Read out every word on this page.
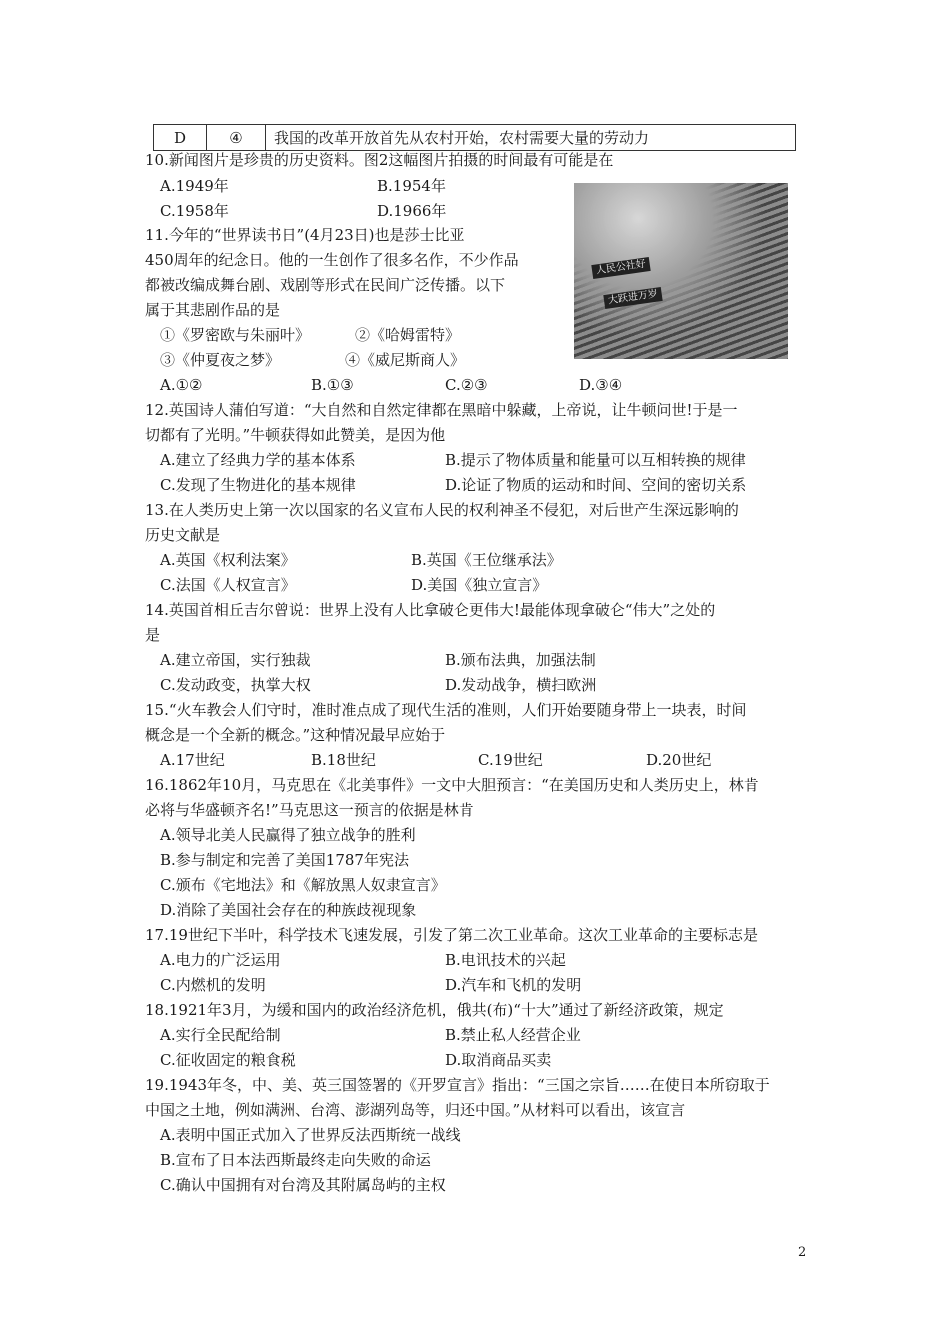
D	④	我国的改革开放首先从农村开始，农村需要大量的劳动力
人民公社好
大跃进万岁
10.新闻图片是珍贵的历史资料。图2这幅图片拍摄的时间最有可能是在
A.1949年	B.1954年
C.1958年	D.1966年
11.今年的“世界读书日”(4月23日)也是莎士比亚
450周年的纪念日。他的一生创作了很多名作，不少作品
都被改编成舞台剧、戏剧等形式在民间广泛传播。以下
属于其悲剧作品的是
①《罗密欧与朱丽叶》	②《哈姆雷特》
③《仲夏夜之梦》	④《威尼斯商人》
A.①②	B.①③	C.②③	D.③④
12.英国诗人蒲伯写道：“大自然和自然定律都在黑暗中躲藏，上帝说，让牛顿问世!于是一
切都有了光明。”牛顿获得如此赞美，是因为他
A.建立了经典力学的基本体系	B.提示了物体质量和能量可以互相转换的规律
C.发现了生物进化的基本规律	D.论证了物质的运动和时间、空间的密切关系
13.在人类历史上第一次以国家的名义宣布人民的权利神圣不侵犯，对后世产生深远影响的
历史文献是
A.英国《权利法案》	B.英国《王位继承法》
C.法国《人权宣言》	D.美国《独立宣言》
14.英国首相丘吉尔曾说：世界上没有人比拿破仑更伟大!最能体现拿破仑“伟大”之处的
是
A.建立帝国，实行独裁	B.颁布法典，加强法制
C.发动政变，执掌大权	D.发动战争，横扫欧洲
15.“火车教会人们守时，准时准点成了现代生活的准则，人们开始要随身带上一块表，时间
概念是一个全新的概念。”这种情况最早应始于
A.17世纪	B.18世纪	C.19世纪	D.20世纪
16.1862年10月，马克思在《北美事件》一文中大胆预言：“在美国历史和人类历史上，林肯
必将与华盛顿齐名!”马克思这一预言的依据是林肯
A.领导北美人民赢得了独立战争的胜利
B.参与制定和完善了美国1787年宪法
C.颁布《宅地法》和《解放黑人奴隶宣言》
D.消除了美国社会存在的种族歧视现象
17.19世纪下半叶，科学技术飞速发展，引发了第二次工业革命。这次工业革命的主要标志是
A.电力的广泛运用	B.电讯技术的兴起
C.内燃机的发明	D.汽车和飞机的发明
18.1921年3月，为缓和国内的政治经济危机，俄共(布)“十大”通过了新经济政策，规定
A.实行全民配给制	B.禁止私人经营企业
C.征收固定的粮食税	D.取消商品买卖
19.1943年冬，中、美、英三国签署的《开罗宣言》指出：“三国之宗旨……在使日本所窃取于
中国之土地，例如满洲、台湾、澎湖列岛等，归还中国。”从材料可以看出，该宣言
A.表明中国正式加入了世界反法西斯统一战线
B.宣布了日本法西斯最终走向失败的命运
C.确认中国拥有对台湾及其附属岛屿的主权
2
